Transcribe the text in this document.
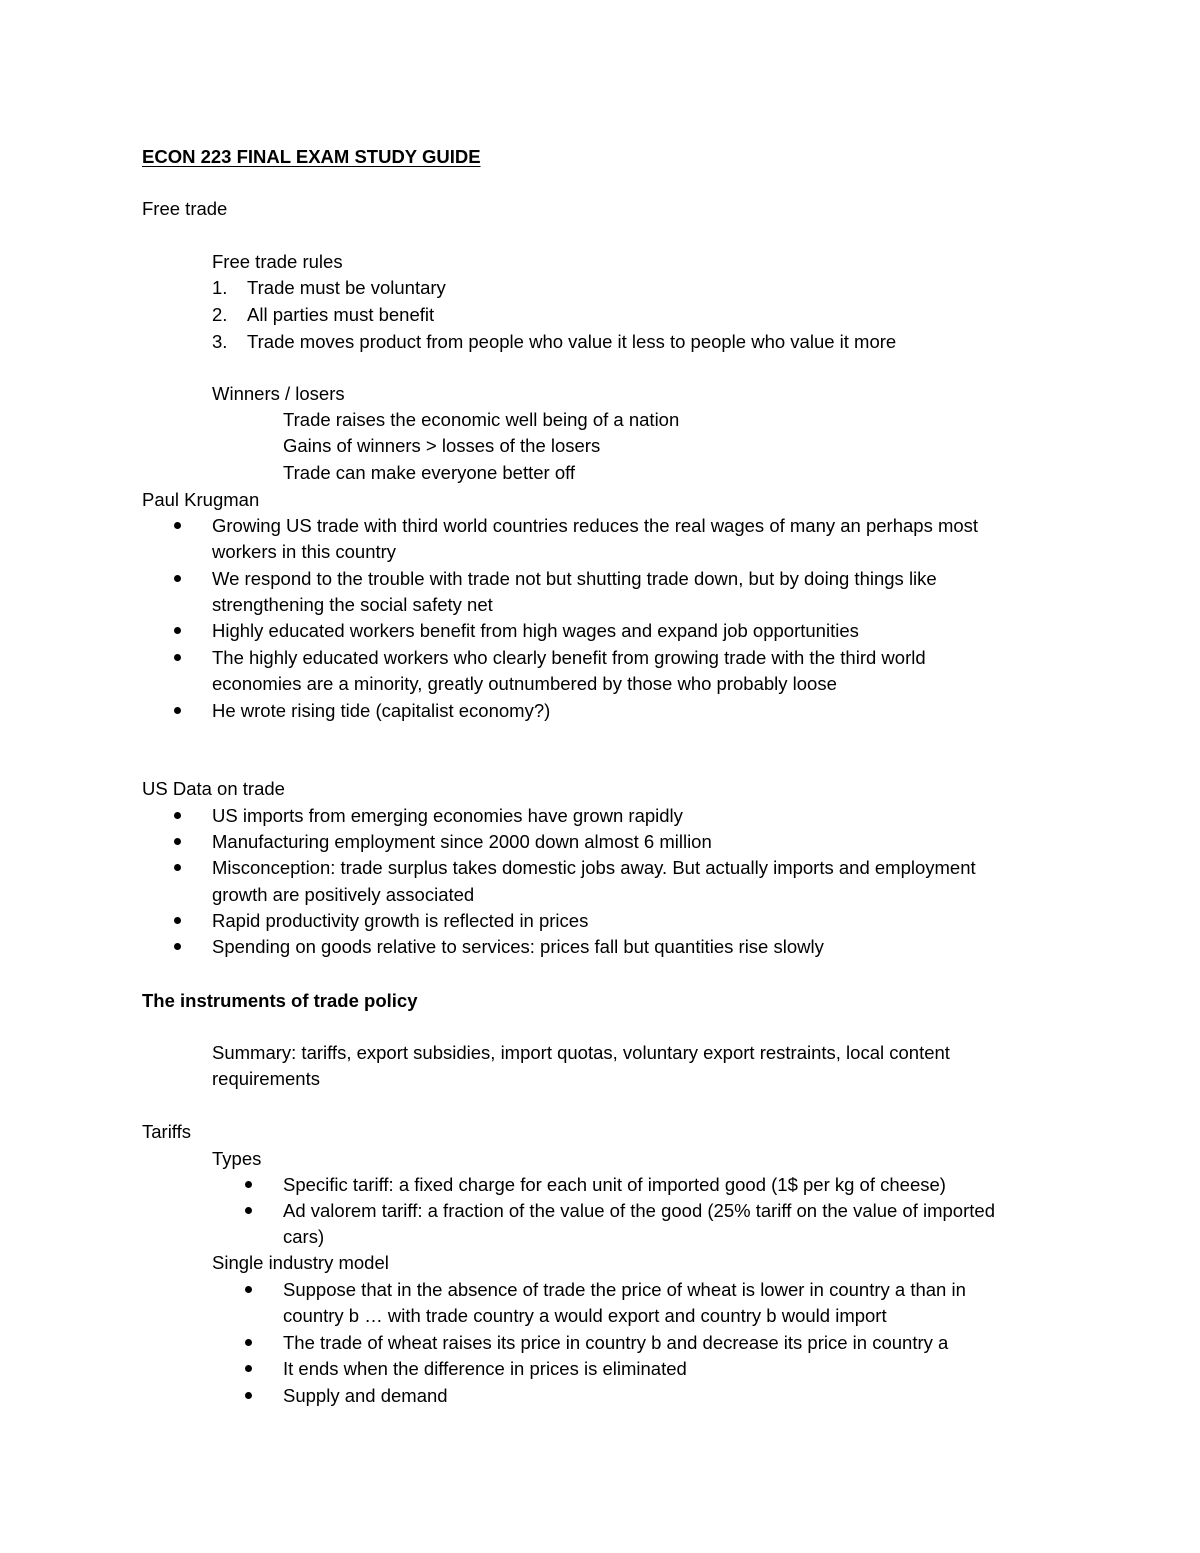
ECON 223 FINAL EXAM STUDY GUIDE
Free trade
Free trade rules
1. Trade must be voluntary
2. All parties must benefit
3. Trade moves product from people who value it less to people who value it more
Winners / losers
Trade raises the economic well being of a nation
Gains of winners > losses of the losers
Trade can make everyone better off
Paul Krugman
Growing US trade with third world countries reduces the real wages of many an perhaps most
workers in this country
We respond to the trouble with trade not but shutting trade down, but by doing things like
strengthening the social safety net
Highly educated workers benefit from high wages and expand job opportunities
The highly educated workers who clearly benefit from growing trade with the third world
economies are a minority, greatly outnumbered by those who probably loose
He wrote rising tide (capitalist economy?)
US Data on trade
US imports from emerging economies have grown rapidly
Manufacturing employment since 2000 down almost 6 million
Misconception: trade surplus takes domestic jobs away. But actually imports and employment
growth are positively associated
Rapid productivity growth is reflected in prices
Spending on goods relative to services: prices fall but quantities rise slowly
The instruments of trade policy
Summary: tariffs, export subsidies, import quotas, voluntary export restraints, local content
requirements
Tariffs
Types
Specific tariff: a fixed charge for each unit of imported good (1$ per kg of cheese)
Ad valorem tariff: a fraction of the value of the good (25% tariff on the value of imported
cars)
Single industry model
Suppose that in the absence of trade the price of wheat is lower in country a than in
country b … with trade country a would export and country b would import
The trade of wheat raises its price in country b and decrease its price in country a
It ends when the difference in prices is eliminated
Supply and demand
